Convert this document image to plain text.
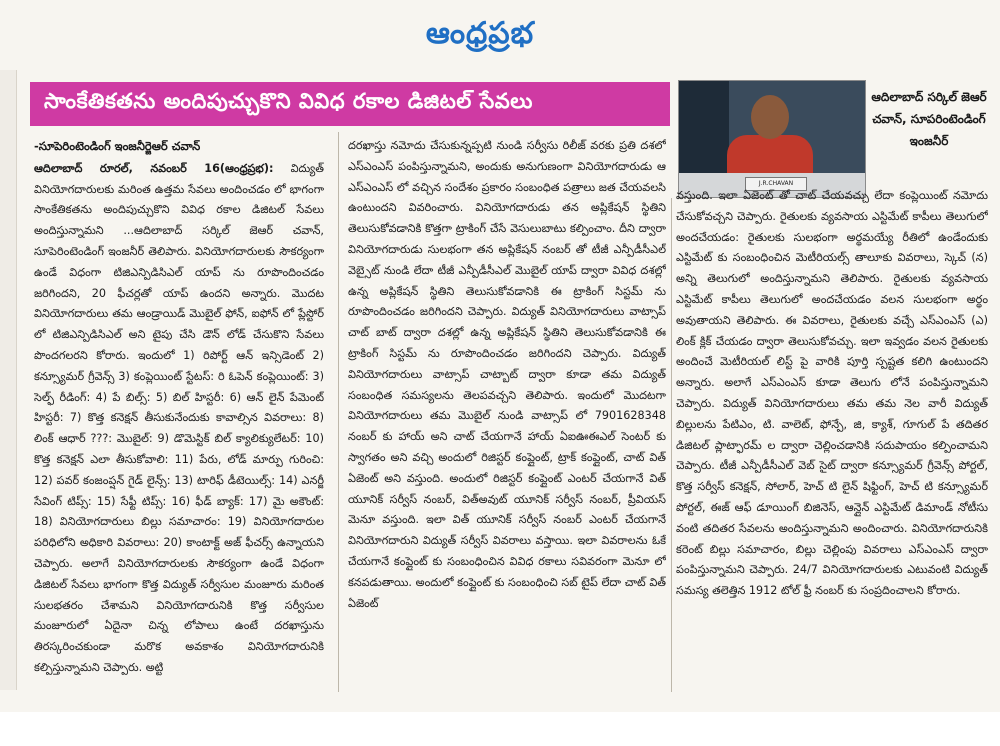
ఆంధ్రప్రభ
సాంకేతికతను అందిపుచ్చుకొని వివిధ రకాల డిజిటల్ సేవలు
J.R.CHAVAN
ఆదిలాబాద్ సర్కిల్ జెఆర్ చవాన్, సూపరింటెండింగ్ ఇంజనీర్
-సూపెరింటెండింగ్ ఇంజనీర్జెఆర్ చవాన్

ఆదిలాబాద్ రూరల్, నవంబర్ 16(ఆంధ్రప్రభ): విద్యుత్ వినియోగదారులకు మరింత ఉత్తమ సేవలు అందించడం లో భాగంగా సాంకేతికతను అందిపుచ్చుకొని వివిధ రకాల డిజిటల్ సేవలు అందిస్తున్నామని ...ఆదిలాబాద్ సర్కిల్ జెఆర్ చవాన్, సూపెరింటెండింగ్ ఇంజనీర్ తెలిపారు. వినియోగదారులకు సౌకర్యంగా ఉండే విధంగా టిజిఎన్పిడిసిఎల్ యాప్ ను రూపొందించడం జరిగిందని, 20 ఫీచర్లతో యాప్ ఉందని అన్నారు. మొదట వినియోగదారులు తమ ఆండ్రాయిడ్ మొబైల్ ఫోన్, ఐఫోన్ లో ప్లేస్టోర్ లో టిజిఎన్పిడిసిఎల్ అని టైపు చేసి డౌన్ లోడ్ చేసుకొని సేవలు పొందగలరని కోరారు. ఇందులో 1) రిపోర్ట్ ఆన్ ఇన్సిడెంట్ 2) కన్స్యూమర్ గ్రీవెన్స్ 3) కంప్లెయింట్ స్టేటస్: రి ఓపెన్ కంప్లెయింట్: 3) సెల్ఫ్ రీడింగ్: 4) పే బిల్స్: 5) బిల్ హిస్టరీ: 6) ఆన్ లైన్ పేమెంట్ హిస్టరీ: 7) కొత్త కనెక్షన్ తీసుకునేందుకు కావాల్సిన వివరాలు: 8) లింక్ ఆధార్ ???: మొబైల్: 9) డొమెస్టిక్ బిల్ క్యాలిక్యులేటర్: 10) కొత్త కనెక్షన్ ఎలా తీసుకోవాలి: 11) పేరు, లోడ్ మార్పు గురించి: 12) పవర్ కంజంప్షన్ గైడ్ లైన్స్: 13) టారిఫ్ డీటెయిల్స్: 14) ఎనర్జీ సేవింగ్ టిప్స్: 15) సేఫ్టీ టిప్స్: 16) ఫీడ్ బ్యాక్: 17) మై అకౌంట్: 18) వినియోగదారులు బిల్లు సమాచారం: 19) వినియోగదారుల పరిధిలోని అధికారి వివరాలు: 20) కాంటాక్ట్ అజ్ ఫీచర్స్ ఉన్నాయని చెప్పారు. అలాగే వినియోగదారులకు సౌకర్యంగా ఉండే విధంగా డిజిటల్ సేవలు భాగంగా కొత్త విద్యుత్ సర్వీసుల మంజూరు మరింత సులభతరం చేశామని వినియోగదారునికి కొత్త సర్వీసుల మంజూరులో ఏదైనా చిన్న లోపాలు ఉంటే దరఖాస్తును తిరస్కరించకుండా మరొక అవకాశం వినియోగదారునికి కల్పిస్తున్నామని చెప్పారు. అట్టి

దరఖాస్తు నమోదు చేసుకున్నప్పటి నుండి సర్వీసు రిలీజ్ వరకు ప్రతి దశలో ఎస్ఎంఎస్ పంపిస్తున్నామని, అందుకు అనుగుణంగా వినియోగదారుడు ఆ ఎస్ఎంఎస్ లో వచ్చిన సందేశం ప్రకారం సంబంధిత పత్రాలు జత చేయవలసి ఉంటుందని వివరించారు. వినియోగదారుడు తన అప్లికేషన్ స్థితిని తెలుసుకోవడానికి కొత్తగా ట్రాకింగ్ చేసే వెసులుబాటు కల్పించాం. దీని ద్వారా వినియోగదారుడు సులభంగా తన అప్లికేషన్ నంబర్ తో టీజీ ఎన్పీడీసీఎల్ వెబ్సైట్ నుండి లేదా టీజీ ఎన్పీడీసీఎల్ మొబైల్ యాప్ ద్వారా వివిధ దశల్లో ఉన్న అప్లికేషన్ స్థితిని తెలుసుకోవడానికి ఈ ట్రాకింగ్ సిస్టమ్ ను రూపొందించడం జరిగిందని చెప్పారు. విద్యుత్ వినియోగదారులు వాట్సాప్ చాట్ బాట్ ద్వారా దశల్లో ఉన్న అప్లికేషన్ స్థితిని తెలుసుకోవడానికి ఈ ట్రాకింగ్ సిస్టమ్ ను రూపొందించడం జరిగిందని చెప్పారు. విద్యుత్ వినియోగదారులు వాట్సాప్ చాట్బాట్ ద్వారా కూడా తమ విద్యుత్ సంబంధిత సమస్యలను తెలపవచ్చని తెలిపారు. ఇందులో మొదటగా వినియోగదారులు తమ మొబైల్ నుండి వాట్సాప్ లో 7901628348 నంబర్ కు హాయ్ అని చాట్ చేయగానే హాయ్ ఏఐఊఈఎల్ సెంటర్ కు స్వాగతం అని వచ్చి అందులో రిజిస్టర్ కంప్లైంట్, ట్రాక్ కంప్లైంట్, చాట్ విత్ ఏజెంట్ అని వస్తుంది. అందులో రిజిస్టర్ కంప్లైంట్ ఎంటర్ చేయగానే విత్ యూనిక్ సర్వీస్ నంబర్, విత్అవుట్ యూనిక్ సర్వీస్ నంబర్, ప్రీవియస్ మెనూ వస్తుంది. ఇలా విత్ యూనిక్ సర్వీస్ నంబర్ ఎంటర్ చేయగానే వినియోగదారుని విద్యుత్ సర్వీస్ వివరాలు వస్తాయి. ఇలా వివరాలను ఓకే చేయగానే కంప్లైంట్ కు సంబంధించిన వివిధ రకాలు సవివరంగా మెనూ లో కనపడుతాయి. అందులో కంప్లైంట్ కు సంబంధించి సబ్ టైప్ లేదా చాట్ విత్ ఏజెంట్

వస్తుంది. ఇలా ఏజెంట్ తో చాట్ చేయవచ్చు లేదా కంప్లెయింట్ నమోదు చేసుకోవచ్చని చెప్పారు. రైతులకు వ్యవసాయ ఎస్టిమేట్ కాపీలు తెలుగులో అందచేయడం: రైతులకు సులభంగా అర్థమయ్యే రీతిలో ఉండేందుకు ఎస్టిమేట్ కు సంబంధించిన మెటీరియల్స్ తాలూకు వివరాలు, స్కెచ్ (న) అన్ని తెలుగులో అందిస్తున్నామని తెలిపారు. రైతులకు వ్యవసాయ ఎస్టిమేట్ కాపీలు తెలుగులో అందచేయడం వలన సులభంగా అర్థం అవుతాయని తెలిపారు. ఈ వివరాలు, రైతులకు వచ్చే ఎస్ఎంఎస్ (ఎ) లింక్ క్లిక్ చేయడం ద్వారా తెలుసుకోవచ్చు. ఇలా ఇవ్వడం వలన రైతులకు అందించే మెటీరియల్ లిస్ట్ పై వారికి పూర్తి స్పష్టత కలిగి ఉంటుందని అన్నారు. అలాగే ఎస్ఎంఎస్ కూడా తెలుగు లోనే పంపిస్తున్నామని చెప్పారు. విద్యుత్ వినియోగదారులు తమ తమ నెల వారీ విద్యుత్ బిల్లులను పేటిఎం, టి. వాలెట్, ఫోన్పే, జి, క్యాశ్, గూగుల్ పే తదితర డిజిటల్ ప్లాట్ఫారమ్ ల ద్వారా చెల్లించడానికి సదుపాయం కల్పించామని చెప్పారు. టీజీ ఎన్పీడీసీఎల్ వెబ్ సైట్ ద్వారా కన్స్యూమర్ గ్రీవెన్స్ పోర్టల్, కొత్త సర్వీస్ కనెక్షన్, సోలార్, హెచ్ టి లైన్ షిఫ్టింగ్, హెచ్ టి కన్స్యూమర్ పోర్టల్, ఈజ్ ఆఫ్ డూయింగ్ బిజినెస్, ఆన్లైన్ ఎస్టిమేట్ డిమాండ్ నోటీసు వంటి తదితర సేవలను అందిస్తున్నామని అందించారు. వినియోగదారునికి కరెంట్ బిల్లు సమాచారం, బిల్లు చెల్లింపు వివరాలు ఎస్ఎంఎస్ ద్వారా పంపిస్తున్నామని చెప్పారు. 24/7 వినియోగదారులకు ఎటువంటి విద్యుత్ సమస్య తలెత్తిన 1912 టోల్ ఫ్రీ నంబర్ కు సంప్రదించాలని కోరారు.
